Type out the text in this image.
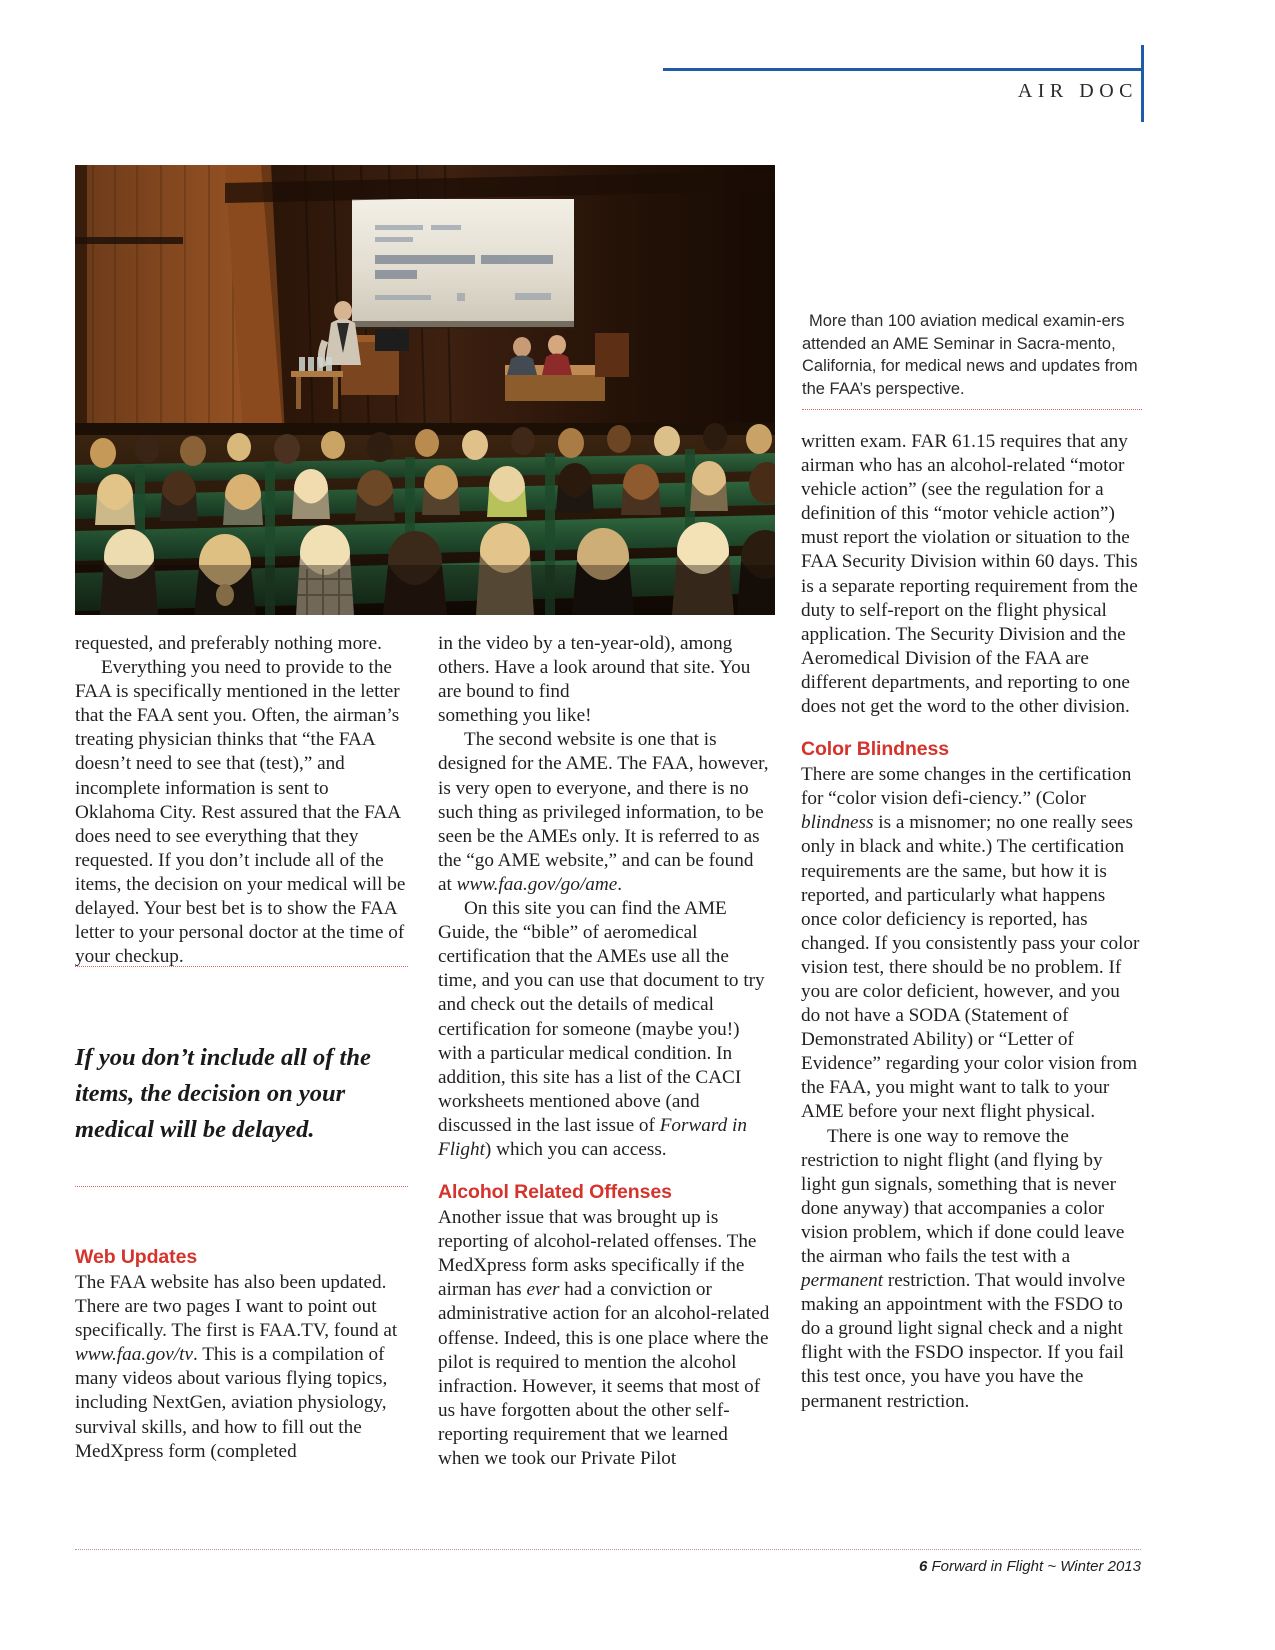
AIR DOC
More than 100 aviation medical examin-ers attended an AME Seminar in Sacra-mento, California, for medical news and updates from the FAA’s perspective.

requested, and preferably nothing more.

Everything you need to provide to the FAA is specifically mentioned in the letter that the FAA sent you. Often, the airman’s treating physician thinks that “the FAA doesn’t need to see that (test),” and incomplete information is sent to Oklahoma City. Rest assured that the FAA does need to see everything that they requested. If you don’t include all of the items, the decision on your medical will be delayed. Your best bet is to show the FAA letter to your personal doctor at the time of your checkup.

If you don’t include all of the items, the decision on your medical will be delayed.
Web Updates

The FAA website has also been updated. There are two pages I want to point out specifically. The first is FAA.TV, found at www.faa.gov/tv. This is a compilation of many videos about various flying topics, including NextGen, aviation physiology, survival skills, and how to fill out the MedXpress form (completed

in the video by a ten-year-old), among others. Have a look around that site. You are bound to find

something you like!

The second website is one that is designed for the AME. The FAA, however, is very open to everyone, and there is no such thing as privileged information, to be seen be the AMEs only. It is referred to as the “go AME website,” and can be found at www.faa.gov/go/ame.

On this site you can find the AME Guide, the “bible” of aeromedical certification that the AMEs use all the time, and you can use that document to try and check out the details of medical certification for someone (maybe you!) with a particular medical condition. In addition, this site has a list of the CACI worksheets mentioned above (and discussed in the last issue of Forward in Flight) which you can access.

Alcohol Related Offenses

Another issue that was brought up is reporting of alcohol-related offenses. The MedXpress form asks specifically if the airman has ever had a conviction or administrative action for an alcohol-related offense. Indeed, this is one place where the pilot is required to mention the alcohol infraction. However, it seems that most of us have forgotten about the other self-reporting requirement that we learned when we took our Private Pilot

written exam. FAR 61.15 requires that any airman who has an alcohol-related “motor vehicle action” (see the regulation for a definition of this “motor vehicle action”) must report the violation or situation to the FAA Security Division within 60 days. This is a separate reporting requirement from the duty to self-report on the flight physical application. The Security Division and the Aeromedical Division of the FAA are different departments, and reporting to one does not get the word to the other division.

Color Blindness

There are some changes in the certification for “color vision defi-ciency.” (Color blindness is a misnomer; no one really sees only in black and white.) The certification requirements are the same, but how it is reported, and particularly what happens once color deficiency is reported, has changed. If you consistently pass your color vision test, there should be no problem. If you are color deficient, however, and you do not have a SODA (Statement of Demonstrated Ability) or “Letter of Evidence” regarding your color vision from the FAA, you might want to talk to your AME before your next flight physical.

There is one way to remove the restriction to night flight (and flying by light gun signals, something that is never done anyway) that accompanies a color vision problem, which if done could leave the airman who fails the test with a permanent restriction. That would involve making an appointment with the FSDO to do a ground light signal check and a night flight with the FSDO inspector. If you fail this test once, you have you have the permanent restriction.

6 Forward in Flight ~ Winter 2013
